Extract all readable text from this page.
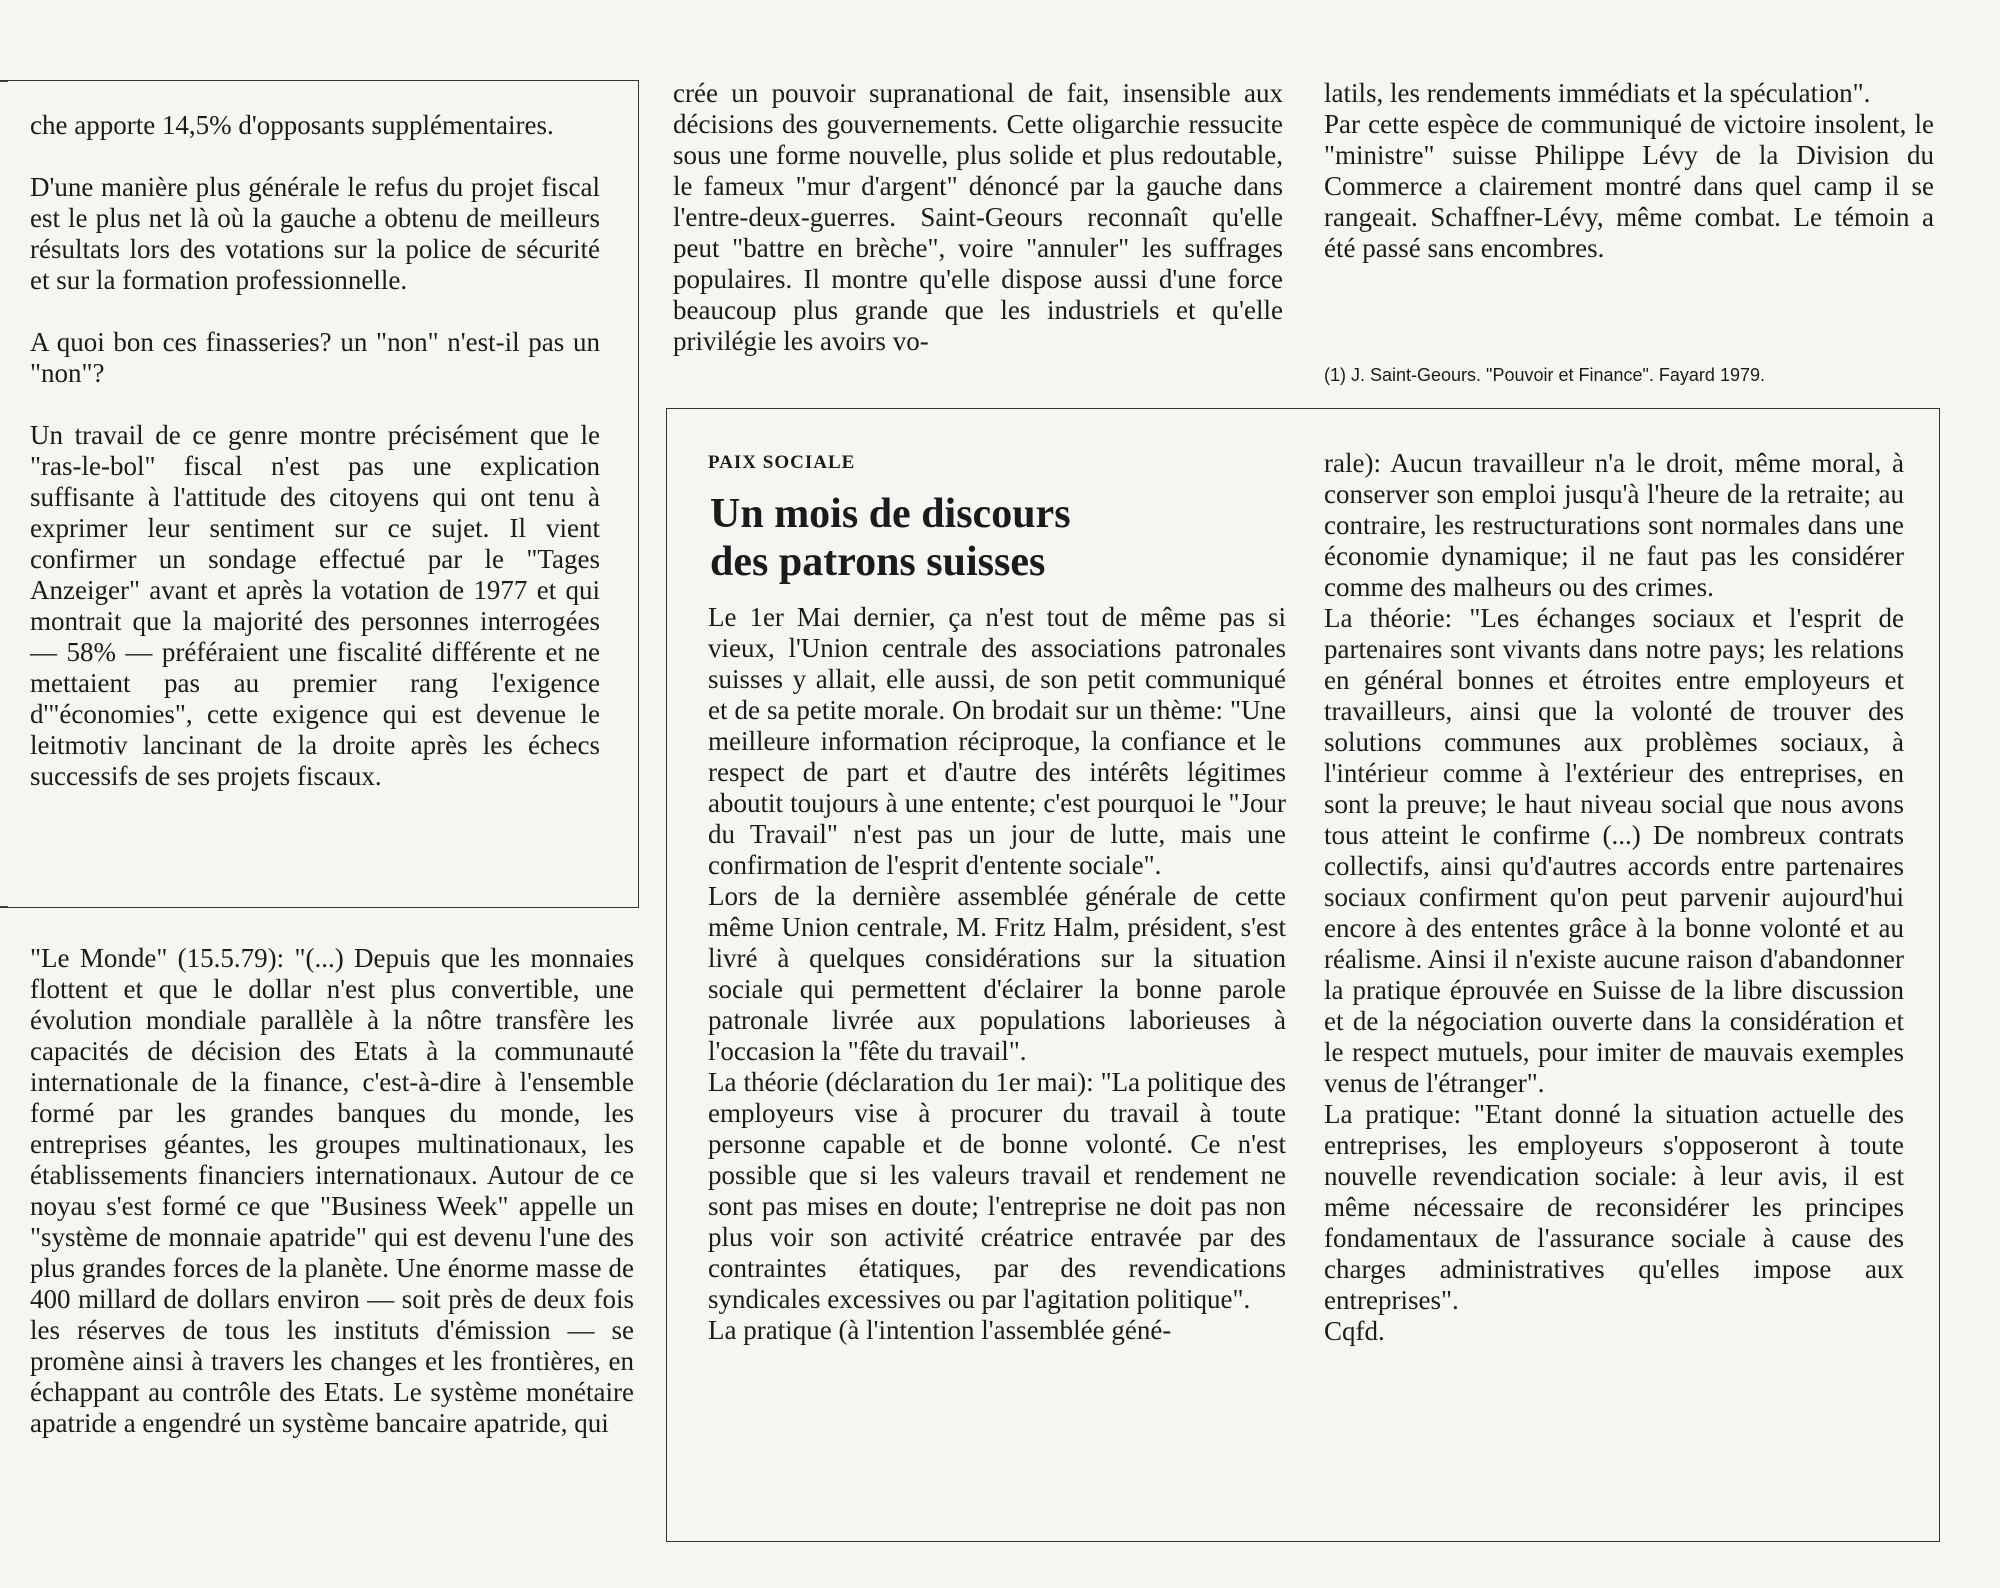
che apporte 14,5% d'opposants supplémentaires.

D'une manière plus générale le refus du projet fiscal est le plus net là où la gauche a obtenu de meilleurs résultats lors des votations sur la police de sécurité et sur la formation professionnelle.

A quoi bon ces finasseries? un "non" n'est-il pas un "non"?

Un travail de ce genre montre précisément que le "ras-le-bol" fiscal n'est pas une explication suffisante à l'attitude des citoyens qui ont tenu à exprimer leur sentiment sur ce sujet. Il vient confirmer un sondage effectué par le "Tages Anzeiger" avant et après la votation de 1977 et qui montrait que la majorité des personnes interrogées — 58% — préféraient une fiscalité différente et ne mettaient pas au premier rang l'exigence d'"économies", cette exigence qui est devenue le leitmotiv lancinant de la droite après les échecs successifs de ses projets fiscaux.

"Le Monde" (15.5.79): "(...) Depuis que les monnaies flottent et que le dollar n'est plus convertible, une évolution mondiale parallèle à la nôtre transfère les capacités de décision des Etats à la communauté internationale de la finance, c'est-à-dire à l'ensemble formé par les grandes banques du monde, les entreprises géantes, les groupes multinationaux, les établissements financiers internationaux. Autour de ce noyau s'est formé ce que "Business Week" appelle un "système de monnaie apatride" qui est devenu l'une des plus grandes forces de la planète. Une énorme masse de 400 millard de dollars environ — soit près de deux fois les réserves de tous les instituts d'émission — se promène ainsi à travers les changes et les frontières, en échappant au contrôle des Etats. Le système monétaire apatride a engendré un système bancaire apatride, qui

crée un pouvoir supranational de fait, insensible aux décisions des gouvernements. Cette oligarchie ressucite sous une forme nouvelle, plus solide et plus redoutable, le fameux "mur d'argent" dénoncé par la gauche dans l'entre-deux-guerres. Saint-Geours reconnaît qu'elle peut "battre en brèche", voire "annuler" les suffrages populaires. Il montre qu'elle dispose aussi d'une force beaucoup plus grande que les industriels et qu'elle privilégie les avoirs vo-

latils, les rendements immédiats et la spéculation".

Par cette espèce de communiqué de victoire insolent, le "ministre" suisse Philippe Lévy de la Division du Commerce a clairement montré dans quel camp il se rangeait. Schaffner-Lévy, même combat. Le témoin a été passé sans encombres.

(1) J. Saint-Geours. "Pouvoir et Finance". Fayard 1979.
PAIX SOCIALE
Un mois de discours
des patrons suisses

Le 1er Mai dernier, ça n'est tout de même pas si vieux, l'Union centrale des associations patronales suisses y allait, elle aussi, de son petit communiqué et de sa petite morale. On brodait sur un thème: "Une meilleure information réciproque, la confiance et le respect de part et d'autre des intérêts légitimes aboutit toujours à une entente; c'est pourquoi le "Jour du Travail" n'est pas un jour de lutte, mais une confirmation de l'esprit d'entente sociale".

Lors de la dernière assemblée générale de cette même Union centrale, M. Fritz Halm, président, s'est livré à quelques considérations sur la situation sociale qui permettent d'éclairer la bonne parole patronale livrée aux populations laborieuses à l'occasion la "fête du travail".

La théorie (déclaration du 1er mai): "La politique des employeurs vise à procurer du travail à toute personne capable et de bonne volonté. Ce n'est possible que si les valeurs travail et rendement ne sont pas mises en doute; l'entreprise ne doit pas non plus voir son activité créatrice entravée par des contraintes étatiques, par des revendications syndicales excessives ou par l'agitation politique".

La pratique (à l'intention l'assemblée géné-

rale): Aucun travailleur n'a le droit, même moral, à conserver son emploi jusqu'à l'heure de la retraite; au contraire, les restructurations sont normales dans une économie dynamique; il ne faut pas les considérer comme des malheurs ou des crimes.

La théorie: "Les échanges sociaux et l'esprit de partenaires sont vivants dans notre pays; les relations en général bonnes et étroites entre employeurs et travailleurs, ainsi que la volonté de trouver des solutions communes aux problèmes sociaux, à l'intérieur comme à l'extérieur des entreprises, en sont la preuve; le haut niveau social que nous avons tous atteint le confirme (...) De nombreux contrats collectifs, ainsi qu'd'autres accords entre partenaires sociaux confirment qu'on peut parvenir aujourd'hui encore à des ententes grâce à la bonne volonté et au réalisme. Ainsi il n'existe aucune raison d'abandonner la pratique éprouvée en Suisse de la libre discussion et de la négociation ouverte dans la considération et le respect mutuels, pour imiter de mauvais exemples venus de l'étranger".

La pratique: "Etant donné la situation actuelle des entreprises, les employeurs s'opposeront à toute nouvelle revendication sociale: à leur avis, il est même nécessaire de reconsidérer les principes fondamentaux de l'assurance sociale à cause des charges administratives qu'elles impose aux entreprises".

Cqfd.
